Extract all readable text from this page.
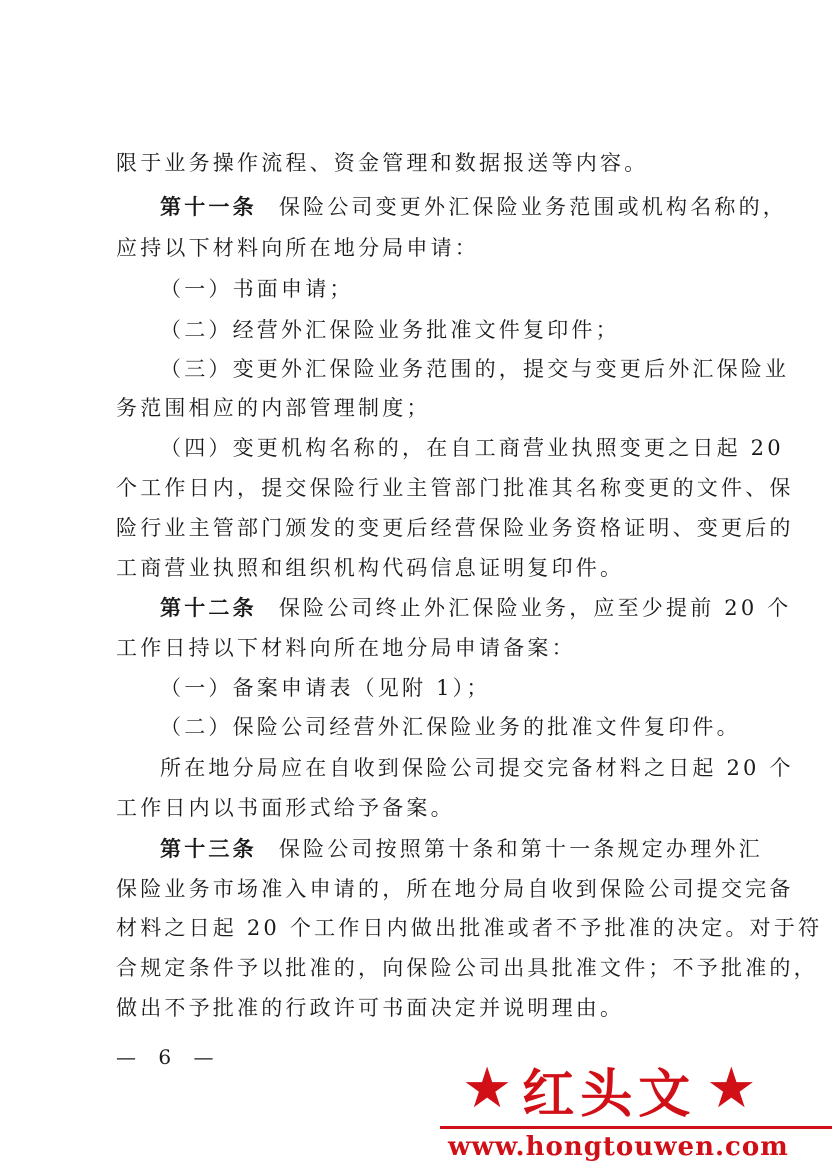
限于业务操作流程、资金管理和数据报送等内容。
第十一条 保险公司变更外汇保险业务范围或机构名称的，
应持以下材料向所在地分局申请：
（一）书面申请；
（二）经营外汇保险业务批准文件复印件；
（三）变更外汇保险业务范围的，提交与变更后外汇保险业
务范围相应的内部管理制度；
（四）变更机构名称的，在自工商营业执照变更之日起 20
个工作日内，提交保险行业主管部门批准其名称变更的文件、保
险行业主管部门颁发的变更后经营保险业务资格证明、变更后的
工商营业执照和组织机构代码信息证明复印件。
第十二条 保险公司终止外汇保险业务，应至少提前 20 个
工作日持以下材料向所在地分局申请备案：
（一）备案申请表（见附 1）；
（二）保险公司经营外汇保险业务的批准文件复印件。
所在地分局应在自收到保险公司提交完备材料之日起 20 个
工作日内以书面形式给予备案。
第十三条 保险公司按照第十条和第十一条规定办理外汇
保险业务市场准入申请的，所在地分局自收到保险公司提交完备
材料之日起 20 个工作日内做出批准或者不予批准的决定。对于符
合规定条件予以批准的，向保险公司出具批准文件；不予批准的，
做出不予批准的行政许可书面决定并说明理由。
— 6 —	★ 红头文 ★
www.hongtouwen.com
